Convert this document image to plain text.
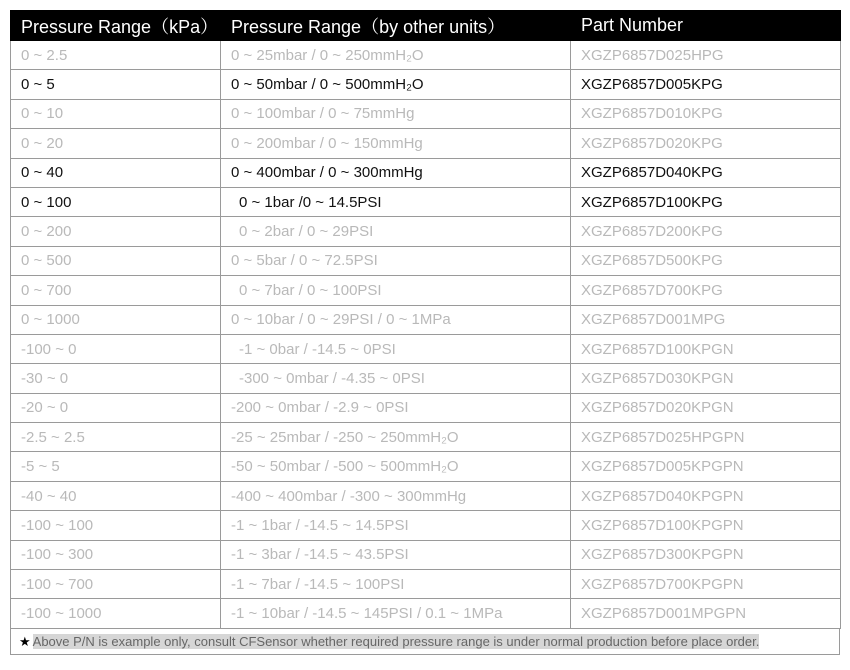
Pressure Range（kPa）	Pressure Range（by other units）	Part Number
0 ~ 2.5	0 ~ 25mbar / 0 ~ 250mmH₂O	XGZP6857D025HPG
0 ~ 5	0 ~ 50mbar / 0 ~ 500mmH₂O	XGZP6857D005KPG
0 ~ 10	0 ~ 100mbar / 0 ~ 75mmHg	XGZP6857D010KPG
0 ~ 20	0 ~ 200mbar / 0 ~ 150mmHg	XGZP6857D020KPG
0 ~ 40	0 ~ 400mbar / 0 ~ 300mmHg	XGZP6857D040KPG
0 ~ 100	0 ~ 1bar /0 ~ 14.5PSI	XGZP6857D100KPG
0 ~ 200	0 ~ 2bar / 0 ~ 29PSI	XGZP6857D200KPG
0 ~ 500	0 ~ 5bar / 0 ~ 72.5PSI	XGZP6857D500KPG
0 ~ 700	0 ~ 7bar / 0 ~ 100PSI	XGZP6857D700KPG
0 ~ 1000	0 ~ 10bar / 0 ~ 29PSI / 0 ~ 1MPa	XGZP6857D001MPG
-100 ~ 0	-1 ~ 0bar / -14.5 ~ 0PSI	XGZP6857D100KPGN
-30 ~ 0	-300 ~ 0mbar / -4.35 ~ 0PSI	XGZP6857D030KPGN
-20 ~ 0	-200 ~ 0mbar / -2.9 ~ 0PSI	XGZP6857D020KPGN
-2.5 ~ 2.5	-25 ~ 25mbar / -250 ~ 250mmH₂O	XGZP6857D025HPGPN
-5 ~ 5	-50 ~ 50mbar / -500 ~ 500mmH₂O	XGZP6857D005KPGPN
-40 ~ 40	-400 ~ 400mbar / -300 ~ 300mmHg	XGZP6857D040KPGPN
-100 ~ 100	-1 ~ 1bar / -14.5 ~ 14.5PSI	XGZP6857D100KPGPN
-100 ~ 300	-1 ~ 3bar / -14.5 ~ 43.5PSI	XGZP6857D300KPGPN
-100 ~ 700	-1 ~ 7bar / -14.5 ~ 100PSI	XGZP6857D700KPGPN
-100 ~ 1000	-1 ~ 10bar / -14.5 ~ 145PSI / 0.1 ~ 1MPa	XGZP6857D001MPGPN
★ Above P/N is example only, consult CFSensor whether required pressure range is under normal production before place order.
